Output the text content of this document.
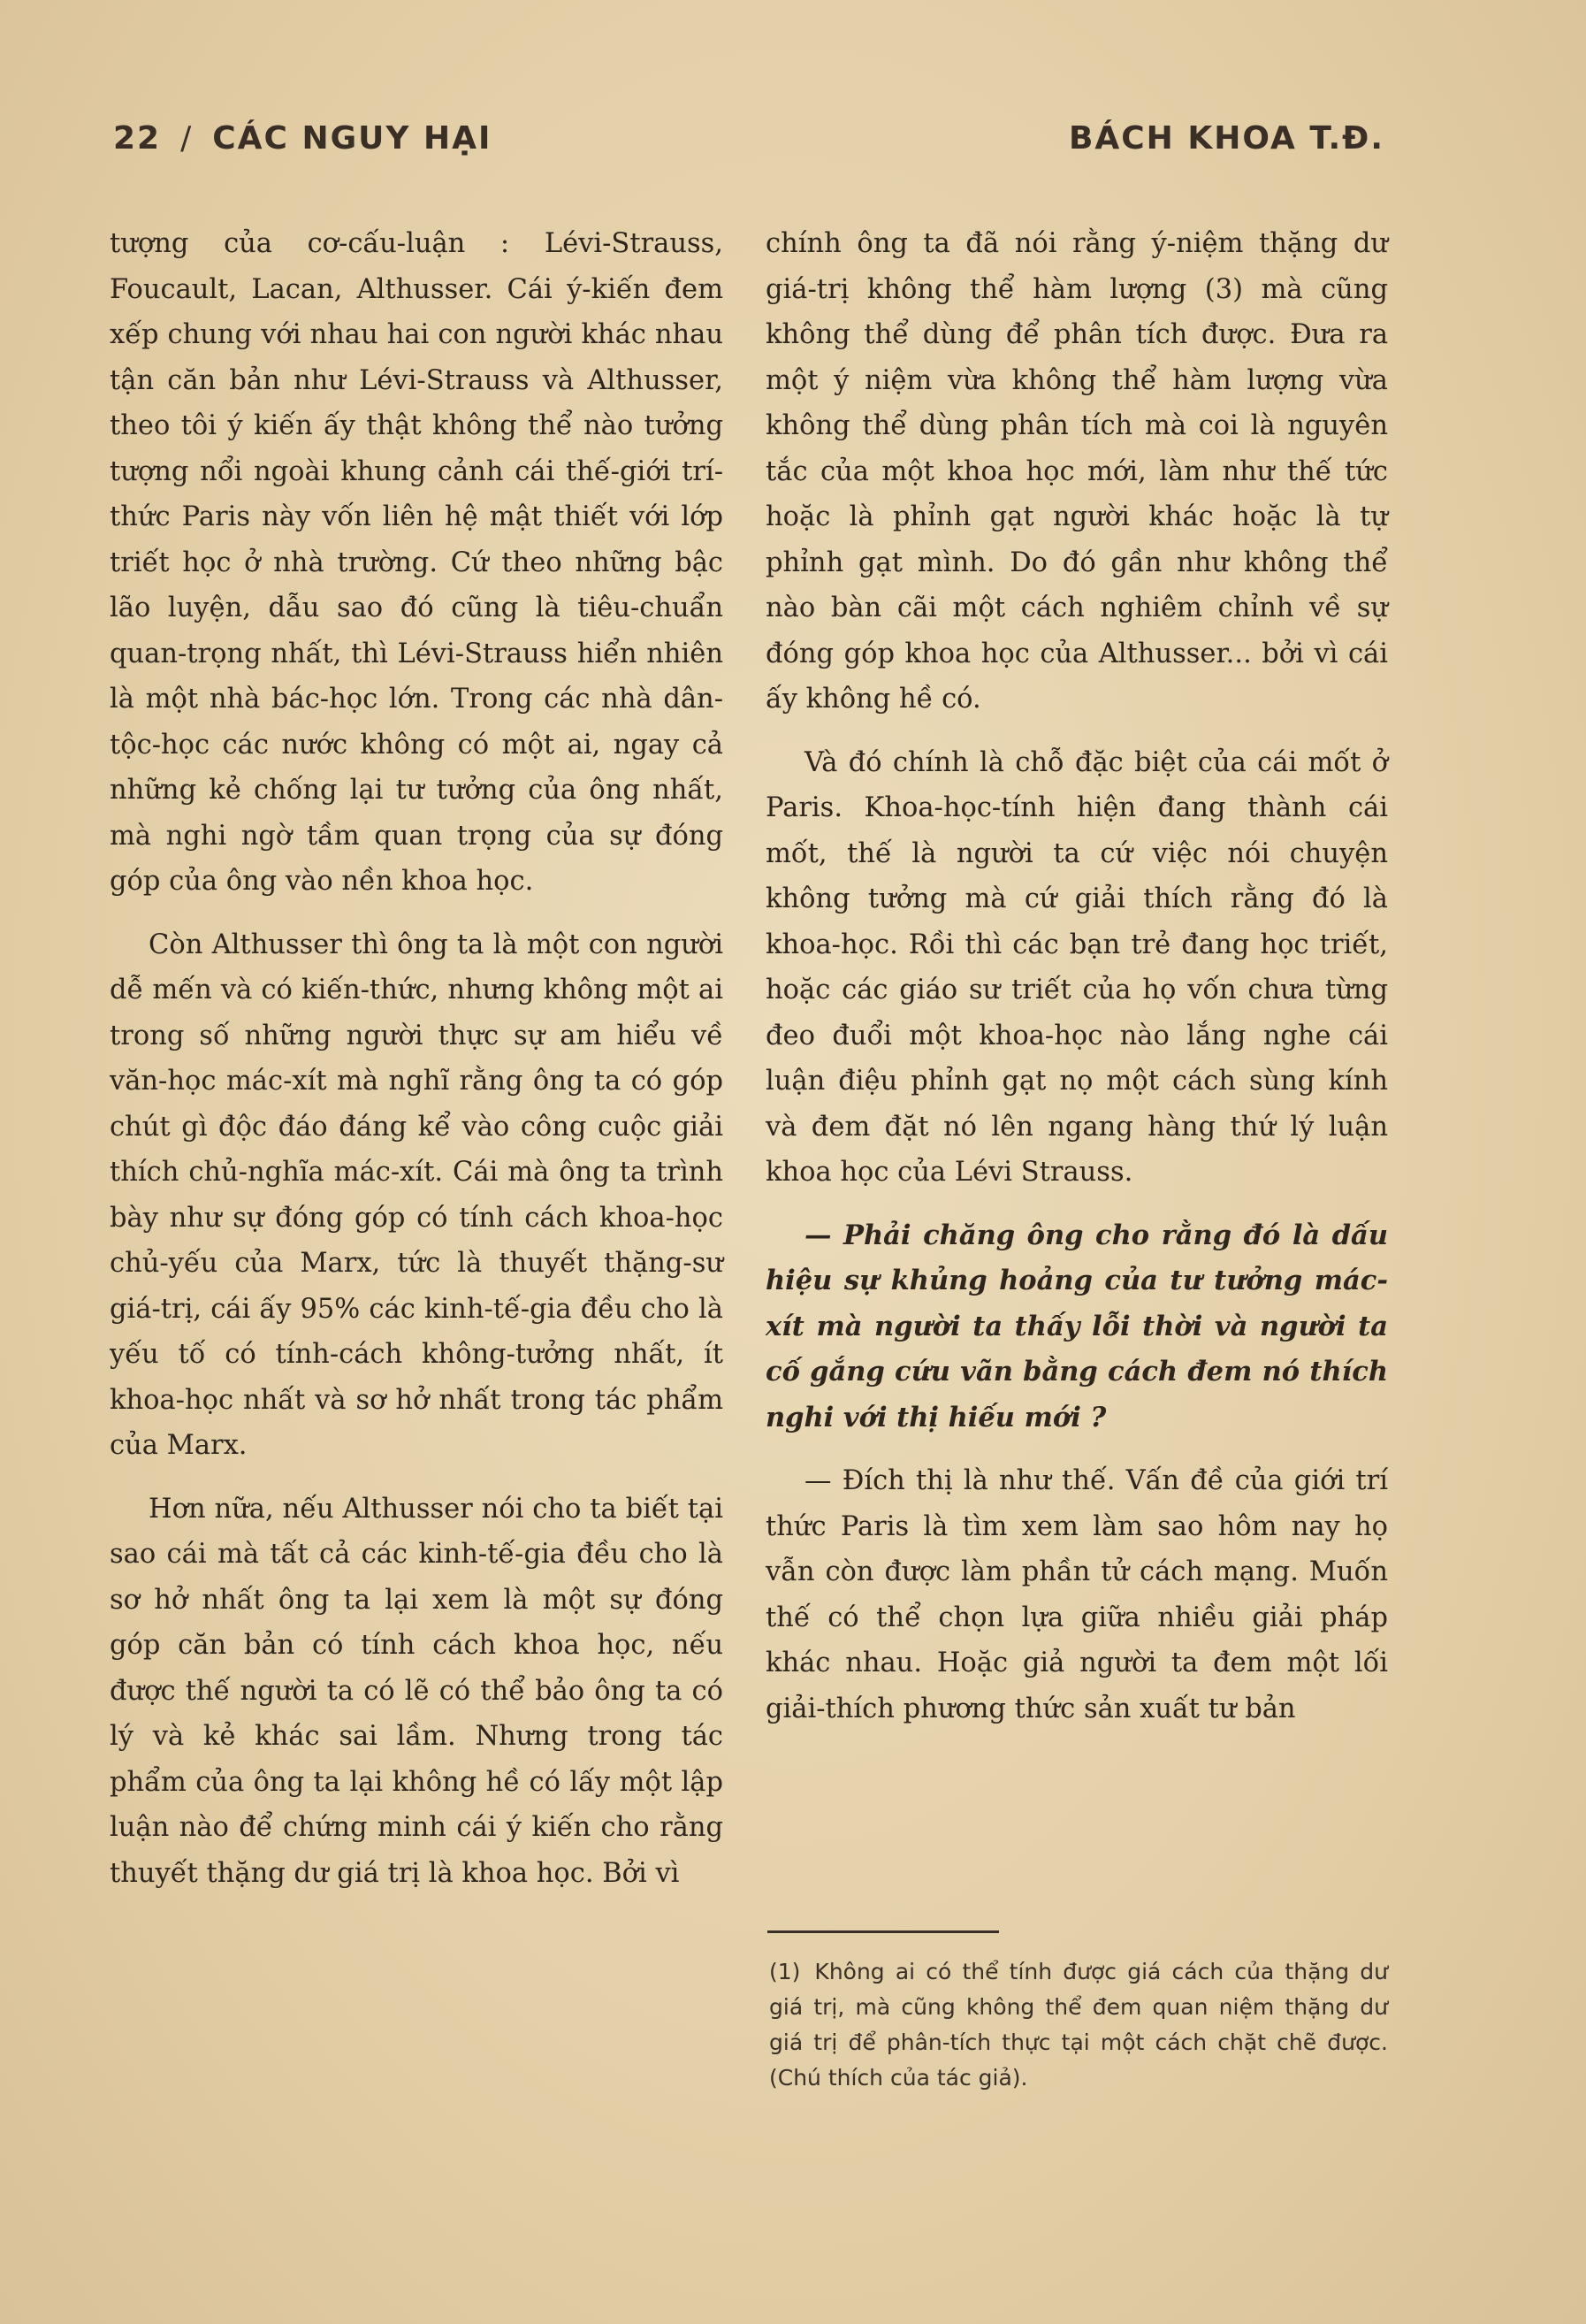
22 / CÁC NGUY HẠI	BÁCH KHOA T.Đ.

tượng của cơ-cấu-luận : Lévi-Strauss, Foucault, Lacan, Althusser. Cái ý-kiến đem xếp chung với nhau hai con người khác nhau tận căn bản như Lévi-Strauss và Althusser, theo tôi ý kiến ấy thật không thể nào tưởng tượng nổi ngoài khung cảnh cái thế-giới trí-thức Paris này vốn liên hệ mật thiết với lớp triết học ở nhà trường. Cứ theo những bậc lão luyện, dẫu sao đó cũng là tiêu-chuẩn quan-trọng nhất, thì Lévi-Strauss hiển nhiên là một nhà bác-học lớn. Trong các nhà dân-tộc-học các nước không có một ai, ngay cả những kẻ chống lại tư tưởng của ông nhất, mà nghi ngờ tầm quan trọng của sự đóng góp của ông vào nền khoa học.

Còn Althusser thì ông ta là một con người dễ mến và có kiến-thức, nhưng không một ai trong số những người thực sự am hiểu về văn-học mác-xít mà nghĩ rằng ông ta có góp chút gì độc đáo đáng kể vào công cuộc giải thích chủ-nghĩa mác-xít. Cái mà ông ta trình bày như sự đóng góp có tính cách khoa-học chủ-yếu của Marx, tức là thuyết thặng-sư giá-trị, cái ấy 95% các kinh-tế-gia đều cho là yếu tố có tính-cách không-tưởng nhất, ít khoa-học nhất và sơ hở nhất trong tác phẩm của Marx.

Hơn nữa, nếu Althusser nói cho ta biết tại sao cái mà tất cả các kinh-tế-gia đều cho là sơ hở nhất ông ta lại xem là một sự đóng góp căn bản có tính cách khoa học, nếu được thế người ta có lẽ có thể bảo ông ta có lý và kẻ khác sai lầm. Nhưng trong tác phẩm của ông ta lại không hề có lấy một lập luận nào để chứng minh cái ý kiến cho rằng thuyết thặng dư giá trị là khoa học. Bởi vì

chính ông ta đã nói rằng ý-niệm thặng dư giá-trị không thể hàm lượng (3) mà cũng không thể dùng để phân tích được. Đưa ra một ý niệm vừa không thể hàm lượng vừa không thể dùng phân tích mà coi là nguyên tắc của một khoa học mới, làm như thế tức hoặc là phỉnh gạt người khác hoặc là tự phỉnh gạt mình. Do đó gần như không thể nào bàn cãi một cách nghiêm chỉnh về sự đóng góp khoa học của Althusser... bởi vì cái ấy không hề có.

Và đó chính là chỗ đặc biệt của cái mốt ở Paris. Khoa-học-tính hiện đang thành cái mốt, thế là người ta cứ việc nói chuyện không tưởng mà cứ giải thích rằng đó là khoa-học. Rồi thì các bạn trẻ đang học triết, hoặc các giáo sư triết của họ vốn chưa từng đeo đuổi một khoa-học nào lắng nghe cái luận điệu phỉnh gạt nọ một cách sùng kính và đem đặt nó lên ngang hàng thứ lý luận khoa học của Lévi Strauss.

— Phải chăng ông cho rằng đó là dấu hiệu sự khủng hoảng của tư tưởng mác-xít mà người ta thấy lỗi thời và người ta cố gắng cứu vãn bằng cách đem nó thích nghi với thị hiếu mới ?

— Đích thị là như thế. Vấn đề của giới trí thức Paris là tìm xem làm sao hôm nay họ vẫn còn được làm phần tử cách mạng. Muốn thế có thể chọn lựa giữa nhiều giải pháp khác nhau. Hoặc giả người ta đem một lối giải-thích phương thức sản xuất tư bản

(1) Không ai có thể tính được giá cách của thặng dư giá trị, mà cũng không thể đem quan niệm thặng dư giá trị để phân-tích thực tại một cách chặt chẽ được. (Chú thích của tác giả).
